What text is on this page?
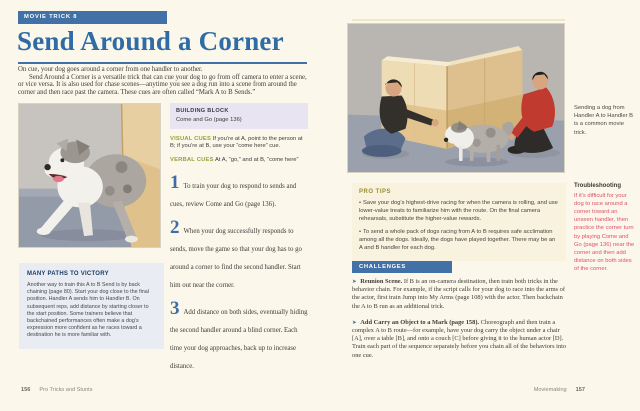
MOVIE TRICK 8
Send Around a Corner

On cue, your dog goes around a corner from one handler to another.

Send Around a Corner is a versatile trick that can cue your dog to go from off camera to enter a scene, or vice versa. It is also used for chase scenes—anytime you see a dog run into a scene from around the corner and then race past the camera. These cues are often called “Mark A to B Sends.”

BUILDING BLOCK
Come and Go (page 136)

VISUAL CUES If you’re at A, point to the person at B; if you’re at B, use your “come here” cue.

VERBAL CUES At A, “go,” and at B, “come here”

1 To train your dog to respond to sends and cues, review Come and Go (page 136).
2 When your dog successfully responds to sends, move the game so that your dog has to go around a corner to find the second handler. Start him out near the corner.
3 Add distance on both sides, eventually hiding the second handler around a blind corner. Each time your dog approaches, back up to increase distance.
MANY PATHS TO VICTORY

Another way to train this A to B Send is by back chaining (page 80). Start your dog close to the final position. Handler A sends him to Handler B. On subsequent reps, add distance by starting closer to the start position. Some trainers believe that backchained performances often make a dog’s expression more confident as he races toward a destination he is more familiar with.

156 Pro Tricks and Stunts

Sending a dog from Handler A to Handler B is a common movie trick.

PRO TIPS

• Save your dog’s highest-drive racing for when the camera is rolling, and use lower-value treats to familiarize him with the route. On the final camera rehearsals, substitute the higher-value rewards.

• To send a whole pack of dogs racing from A to B requires safe acclimation among all the dogs. Ideally, the dogs have played together. There may be an A and B handler for each dog.

CHALLENGES

➤ Reunion Scene. If B is an on-camera destination, then train both tricks in the behavior chain. For example, if the script calls for your dog to race into the arms of the actor, first train Jump into My Arms (page 108) with the actor. Then backchain the A to B run as an additional trick.

➤ Add Carry an Object to a Mark (page 158). Choreograph and then train a complex A to B route—for example, have your dog carry the object under a chair [A], over a table [B], and onto a couch [C] before giving it to the human actor [D]. Train each part of the sequence separately before you chain all of the behaviors into one cue.

Troubleshooting

If it’s difficult for your dog to race around a corner toward an unseen handler, then practice the corner turn by playing Come and Go (page 136) near the corner and then add distance on both sides of the corner.

Moviemaking 157
